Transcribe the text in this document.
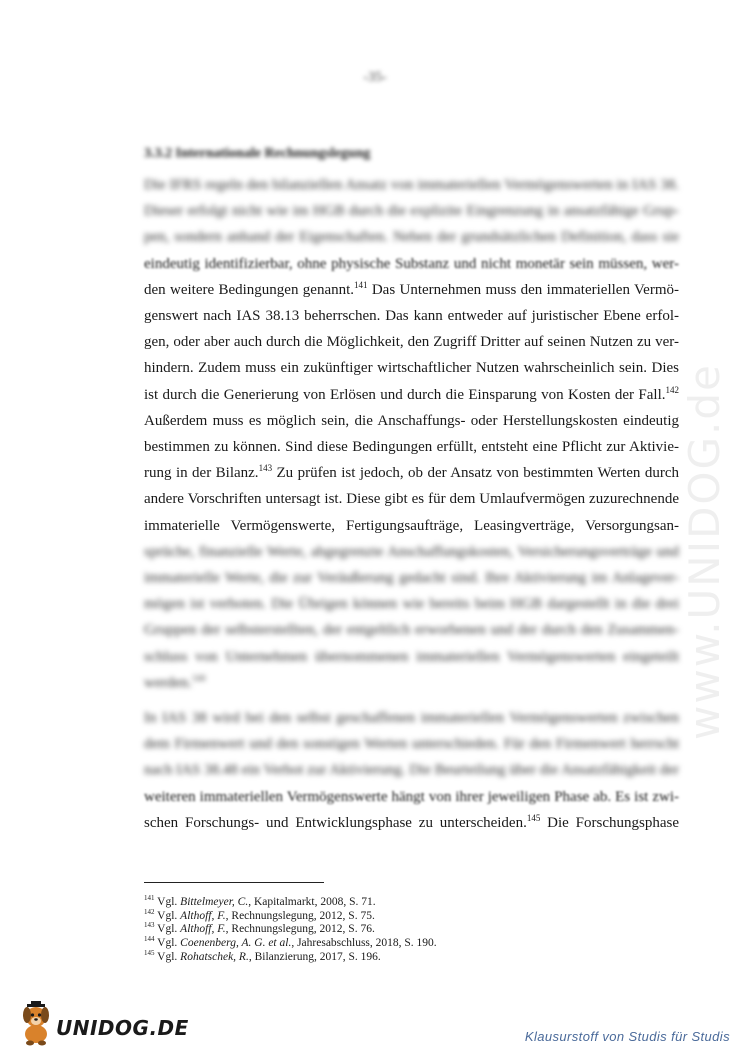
-35-
3.3.2 Internationale Rechnungslegung
Die IFRS regeln den bilanziellen Ansatz von immateriellen Vermögenswerten in IAS 38.
Dieser erfolgt nicht wie im HGB durch die explizite Eingrenzung in ansatzfähige Grup-
pen, sondern anhand der Eigenschaften. Neben der grundsätzlichen Definition, dass sie
eindeutig identifizierbar, ohne physische Substanz und nicht monetär sein müssen, wer-
den weitere Bedingungen genannt.$^{141}$ Das Unternehmen muss den immateriellen Vermö-
genswert nach IAS 38.13 beherrschen. Das kann entweder auf juristischer Ebene erfol-
gen, oder aber auch durch die Möglichkeit, den Zugriff Dritter auf seinen Nutzen zu ver-
hindern. Zudem muss ein zukünftiger wirtschaftlicher Nutzen wahrscheinlich sein. Dies
ist durch die Generierung von Erlösen und durch die Einsparung von Kosten der Fall.$^{142}$
Außerdem muss es möglich sein, die Anschaffungs- oder Herstellungskosten eindeutig
bestimmen zu können. Sind diese Bedingungen erfüllt, entsteht eine Pflicht zur Aktivie-
rung in der Bilanz.$^{143}$ Zu prüfen ist jedoch, ob der Ansatz von bestimmten Werten durch
andere Vorschriften untersagt ist. Diese gibt es für dem Umlaufvermögen zuzurechnende
immaterielle Vermögenswerte, Fertigungsaufträge, Leasingverträge, Versorgungsan-
sprüche, finanzielle Werte, abgegrenzte Anschaffungskosten, Versicherungsverträge und
immaterielle Werte, die zur Veräußerung gedacht sind. Ihre Aktivierung im Anlagever-
mögen ist verboten. Die Übrigen können wie bereits beim HGB dargestellt in die drei
Gruppen der selbsterstellten, der entgeltlich erworbenen und der durch den Zusammen-
schluss von Unternehmen übernommenen immateriellen Vermögenswerten eingeteilt
werden.$^{144}$
In IAS 38 wird bei den selbst geschaffenen immateriellen Vermögenswerten zwischen
dem Firmenwert und den sonstigen Werten unterschieden. Für den Firmenwert herrscht
nach IAS 38.48 ein Verbot zur Aktivierung. Die Beurteilung über die Ansatzfähigkeit der
weiteren immateriellen Vermögenswerte hängt von ihrer jeweiligen Phase ab. Es ist zwi-
schen Forschungs- und Entwicklungsphase zu unterscheiden.$^{145}$ Die Forschungsphase
$^{141}$ Vgl. Bittelmeyer, C., Kapitalmarkt, 2008, S. 71.
$^{142}$ Vgl. Althoff, F., Rechnungslegung, 2012, S. 75.
$^{143}$ Vgl. Althoff, F., Rechnungslegung, 2012, S. 76.
$^{144}$ Vgl. Coenenberg, A. G. et al., Jahresabschluss, 2018, S. 190.
$^{145}$ Vgl. Rohatschek, R., Bilanzierung, 2017, S. 196.
www.UNIDOG.de
UNIDOG.DE	Klausurstoff von Studis für Studis
